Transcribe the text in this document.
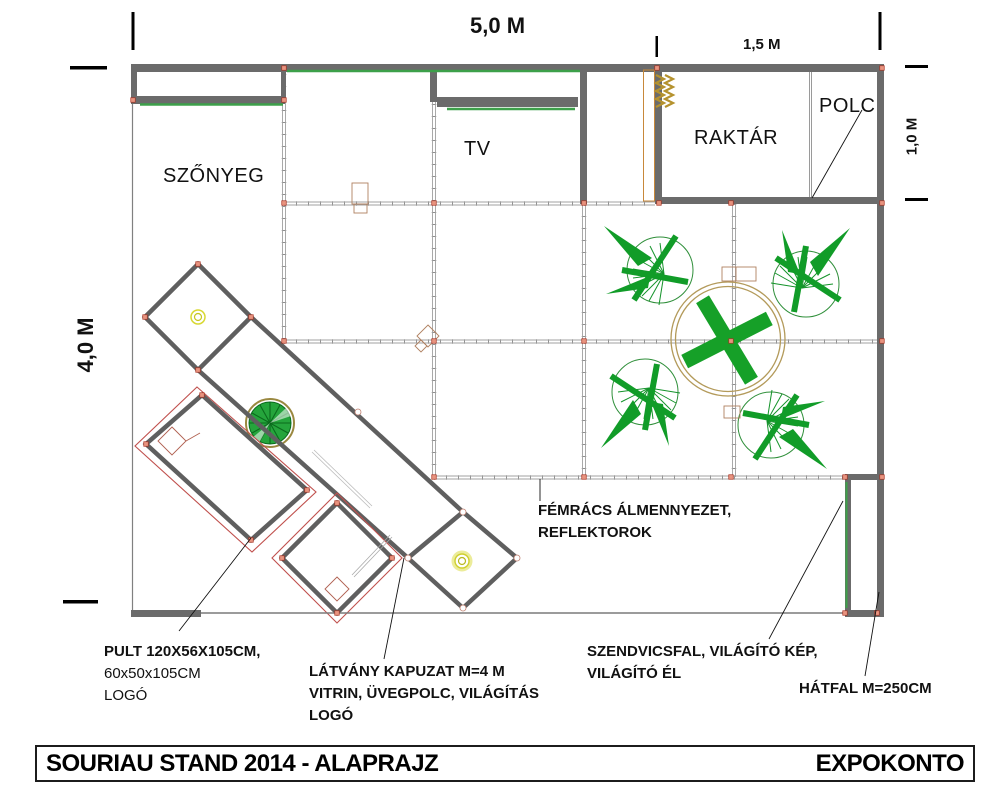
5,0 M
1,5 M
1,0 M
4,0 M
SZŐNYEG
TV	RAKTÁR
POLC
FÉMRÁCS ÁLMENNYEZET,
REFLEKTOROK
PULT 120X56X105CM,
60x50x105CM
LOGÓ
LÁTVÁNY KAPUZAT M=4 M
VITRIN, ÜVEGPOLC, VILÁGÍTÁS
LOGÓ
SZENDVICSFAL, VILÁGÍTÓ KÉP,
VILÁGÍTÓ ÉL
HÁTFAL M=250CM
SOURIAU STAND 2014 - ALAPRAJZ	EXPOKONTO
